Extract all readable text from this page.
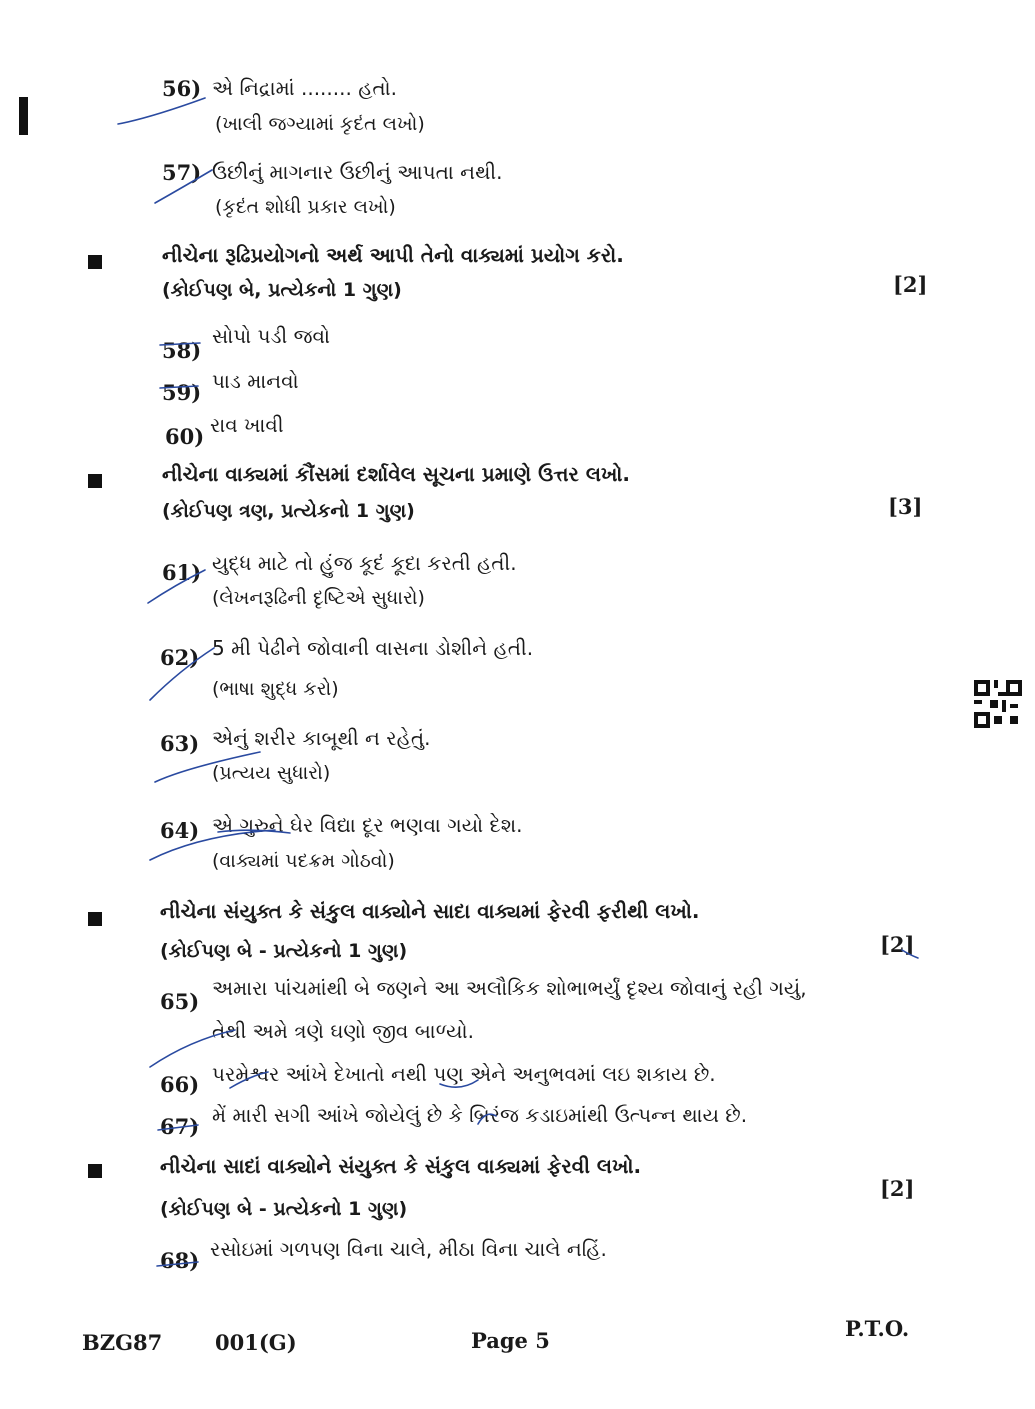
56) એ નિદ્રામાં ........ હતો.
(ખાલી જગ્યામાં કૃદંત લખો)
57) ઉછીનું માગનાર ઉછીનું આપતા નથી.
(કૃદંત શોધી પ્રકાર લખો)
નીચેના રૂઢિપ્રયોગનો અર્થ આપી તેનો વાક્યમાં પ્રયોગ કરો.
(કોઈપણ બે, પ્રત્યેકનો 1 ગુણ)	[2]
58)
સોપો પડી જવો
59) પાડ માનવો
60) રાવ ખાવી
નીચેના વાક્યમાં કૌંસમાં દર્શાવેલ સૂચના પ્રમાણે ઉત્તર લખો.
(કોઈપણ ત્રણ, પ્રત્યેકનો 1 ગુણ)	[3]
61) યુદ્ધ માટે તો હુંજ કૂદં કૂદા કરતી હતી.
(લેખનરૂઢિની દૃષ્ટિએ સુધારો)
62) 5 મી પેઢીને જોવાની વાસના ડોશીને હતી.
(ભાષા શુદ્ધ કરો)
63) એનું શરીર કાબૂથી ન રહેતું.
(પ્રત્યય સુધારો)
64) એ ગુરુને ઘેર વિદ્યા દૂર ભણવા ગયો દેશ.
(વાક્યમાં પદક્રમ ગોઠવો)
નીચેના સંયુક્ત કે સંકુલ વાક્યોને સાદા વાક્યમાં ફેરવી ફરીથી લખો.
(કોઈપણ બે - પ્રત્યેકનો 1 ગુણ)	[2]
65)
અમારા પાંચમાંથી બે જણને આ અલૌકિક શોભાભર્યું દૃશ્ય જોવાનું રહી ગયું,
તેથી અમે ત્રણે ઘણો જીવ બાળ્યો.
66) પરમેશ્વર આંખે દેખાતો નથી પણ એને અનુભવમાં લઇ શકાય છે.
67) મેં મારી સગી આંખે જોયેલું છે કે બિરંજ કડાઇમાંથી ઉત્પન્ન થાય છે.
નીચેના સાદાં વાક્યોને સંયુક્ત કે સંકુલ વાક્યમાં ફેરવી લખો.
(કોઈપણ બે - પ્રત્યેકનો 1 ગુણ)
[2]
68) રસોઇમાં ગળપણ વિના ચાલે, મીઠા વિના ચાલે નહિં.
BZG87	001(G)	Page 5	P.T.O.
